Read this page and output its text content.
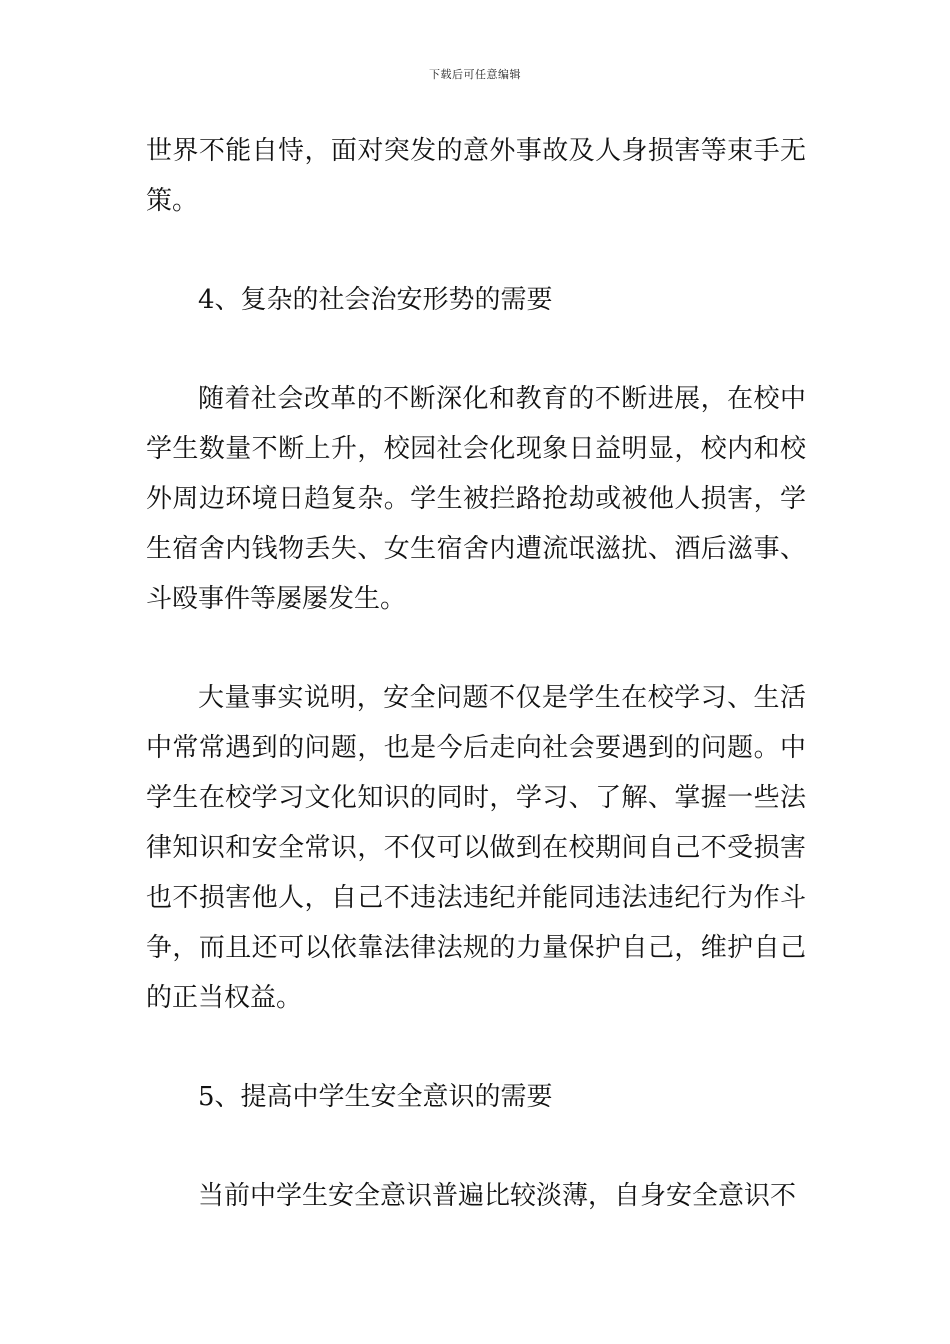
下载后可任意编辑

世界不能自恃，面对突发的意外事故及人身损害等束手无策。

4、复杂的社会治安形势的需要

随着社会改革的不断深化和教育的不断进展，在校中学生数量不断上升，校园社会化现象日益明显，校内和校外周边环境日趋复杂。学生被拦路抢劫或被他人损害，学生宿舍内钱物丢失、女生宿舍内遭流氓滋扰、酒后滋事、斗殴事件等屡屡发生。

大量事实说明，安全问题不仅是学生在校学习、生活中常常遇到的问题，也是今后走向社会要遇到的问题。中学生在校学习文化知识的同时，学习、了解、掌握一些法律知识和安全常识，不仅可以做到在校期间自己不受损害也不损害他人，自己不违法违纪并能同违法违纪行为作斗争，而且还可以依靠法律法规的力量保护自己，维护自己的正当权益。

5、提高中学生安全意识的需要

当前中学生安全意识普遍比较淡薄，自身安全意识不
